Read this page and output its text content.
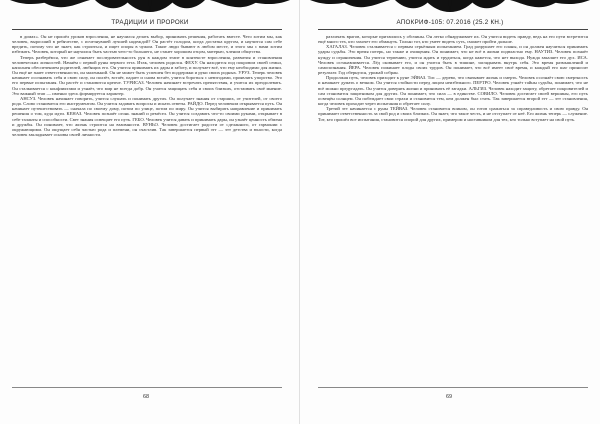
ТРАДИЦИИ И ПРОРОКИ

в домах». Он не прошёл уроков взросления, не научился делать выбор, принимать решения, работать вместе. Чего хотим мы, как человек, выросший в ребячестве, с исчезнувшей лучшей надеждой? Он растёт голодом, когда достатка кругом, и научится сам себе вредить, потому что не знает, как строиться, и ищет опоры в чужом. Такие люди бывают в любом месте, и этого мы с вами хотим избежать. Человек, который не научился быть частью чего-то большего, не станет хорошим отцом, матерью, членом общества.

Теперь разберёмся, что же означает последовательность рун в каждом этапе в контексте взросления, развития и становления человеческих личностей. Начнём с первой руны первого этта. Итак, человек родился. ФЕХУ. Он находится под покровом своей семьи, наполнен обеспечением родителей, любящих его. Он учится принимать их дары и заботу, и получает всё, что ему необходимо для жизни. Он ещё не знает ответственности, он маленький. Он не может быть успешен без поддержки и руки своих родных. УРУЗ. Теперь человек начинает осознавать себя и свою силу, он ползёт, встаёт, падает и снова встаёт, учится бороться с невзгодами, проявлять упорство. Это его первые испытания. Он растёт и становится крепче. ТУРИСАЗ. Человек начинает встречать препятствия, и учится их преодолевать. Он сталкивается с конфликтами и узнаёт, что мир не всегда добр. Он учится защищать себя и своих близких, отстаивать своё мнение. Это важный этап — именно здесь формируется характер.

АНСУЗ. Человек начинает говорить, учится слушать и понимать других. Он получает знания от старших, от учителей, от своего рода. Слово становится его инструментом. Он учится задавать вопросы и искать ответы. РАЙДО. Перед человеком открывается путь. Он начинает путешествовать — сначала по своему дому, потом по улице, потом по миру. Он учится выбирать направление и принимать решения о том, куда идти. КЕНАЗ. Человек познаёт огонь знаний и ремёсел. Он учится создавать что-то своими руками, открывает в себе таланты и способности. Свет знания освещает его путь. ГЕБО. Человек учится давать и принимать дары, он узнаёт ценность обмена и дружбы. Он понимает, что жизнь строится на взаимности. ВУНЬО. Человек достигает радости от сделанного, от гармонии с окружающими. Он ощущает себя частью рода и племени, он счастлив. Так завершается первый этт — этт детства и юности, когда человек закладывает основы своей личности.

68
АПОКРИФ-105: 07.2016 (25.2 КН.)

различать врагов, которые притаились у обочины. Он легко обнаруживает их. Он учится видеть правду, ведь на его пути встретится ещё много тех, кто захочет его обмануть. Только тот, кто умеет видеть суть, сможет пройти дальше.

ХАГАЛАЗ. Человек сталкивается с первым серьёзным испытанием. Град разрушает его планы, и он должен научиться принимать удары судьбы. Это время потерь, но также и очищения. Он понимает, что не всё в жизни подвластно ему. НАУТИЗ. Человек познаёт нужду и ограничения. Он учится терпению, учится ждать и трудиться, когда кажется, что нет выхода. Нужда закаляет его дух. ИСА. Человек останавливается. Лёд сковывает его, и он учится быть в тишине, заглядывать внутрь себя. Это время размышлений и самопознания. ЙЕРА. Человек пожинает плоды своих трудов. Он понимает, что всё имеет своё время, и каждый его шаг приносит результат. Год обернулся, урожай собран.

Продолжая путь, человек приходит к руне ЭЙВАЗ. Тис — дерево, что связывает жизнь и смерть. Человек осознаёт свою смертность и начинает думать о вечном. Он учится стойкости перед лицом неизбежного. ПЕРТРО. Человек узнаёт тайны судьбы, понимает, что не всё можно предугадать. Он учится доверять жизни и принимать её загадки. АЛЬГИЗ. Человек находит защиту, обретает покровителей и сам становится защитником для других. Он понимает, что сила — в единстве. СОВИЛО. Человек достигает своей вершины, его путь освещён солнцем. Он побеждает свои страхи и становится тем, кем должен был стать. Так завершается второй этт — этт становления, когда человек проходит через испытания и обретает силу.

Третий этт начинается с руны ТЕЙВАЗ. Человек становится воином, он готов сражаться за справедливость и свою правду. Он принимает ответственность за свой род и своих близких. Он знает, что такое честь, и не отступает от неё. Его жизнь теперь — служение. Тот, кто прошёл все испытания, становится опорой для других, примером и наставником для тех, кто только вступает на свой путь.

69
